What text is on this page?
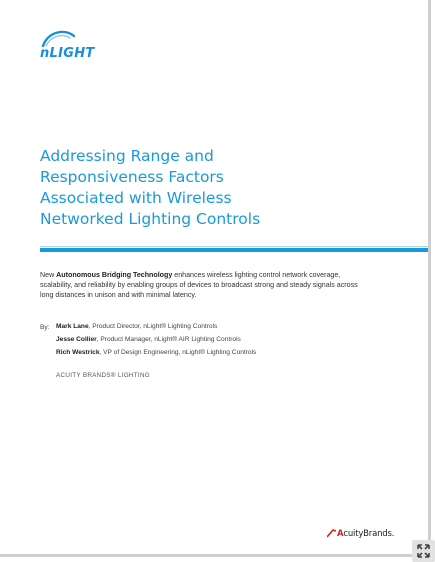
nLIGHT
Addressing Range and
Responsiveness Factors
Associated with Wireless
Networked Lighting Controls

New Autonomous Bridging Technology enhances wireless lighting control network coverage, scalability, and reliability by enabling groups of devices to broadcast strong and steady signals across long distances in unison and with minimal latency.

By: Mark Lane, Product Director, nLight® Lighting Controls
Jesse Collier, Product Manager, nLight® AIR Lighting Controls
Rich Westrick, VP of Design Engineering, nLight® Lighting Controls
ACUITY BRANDS® LIGHTING
AcuityBrands.
